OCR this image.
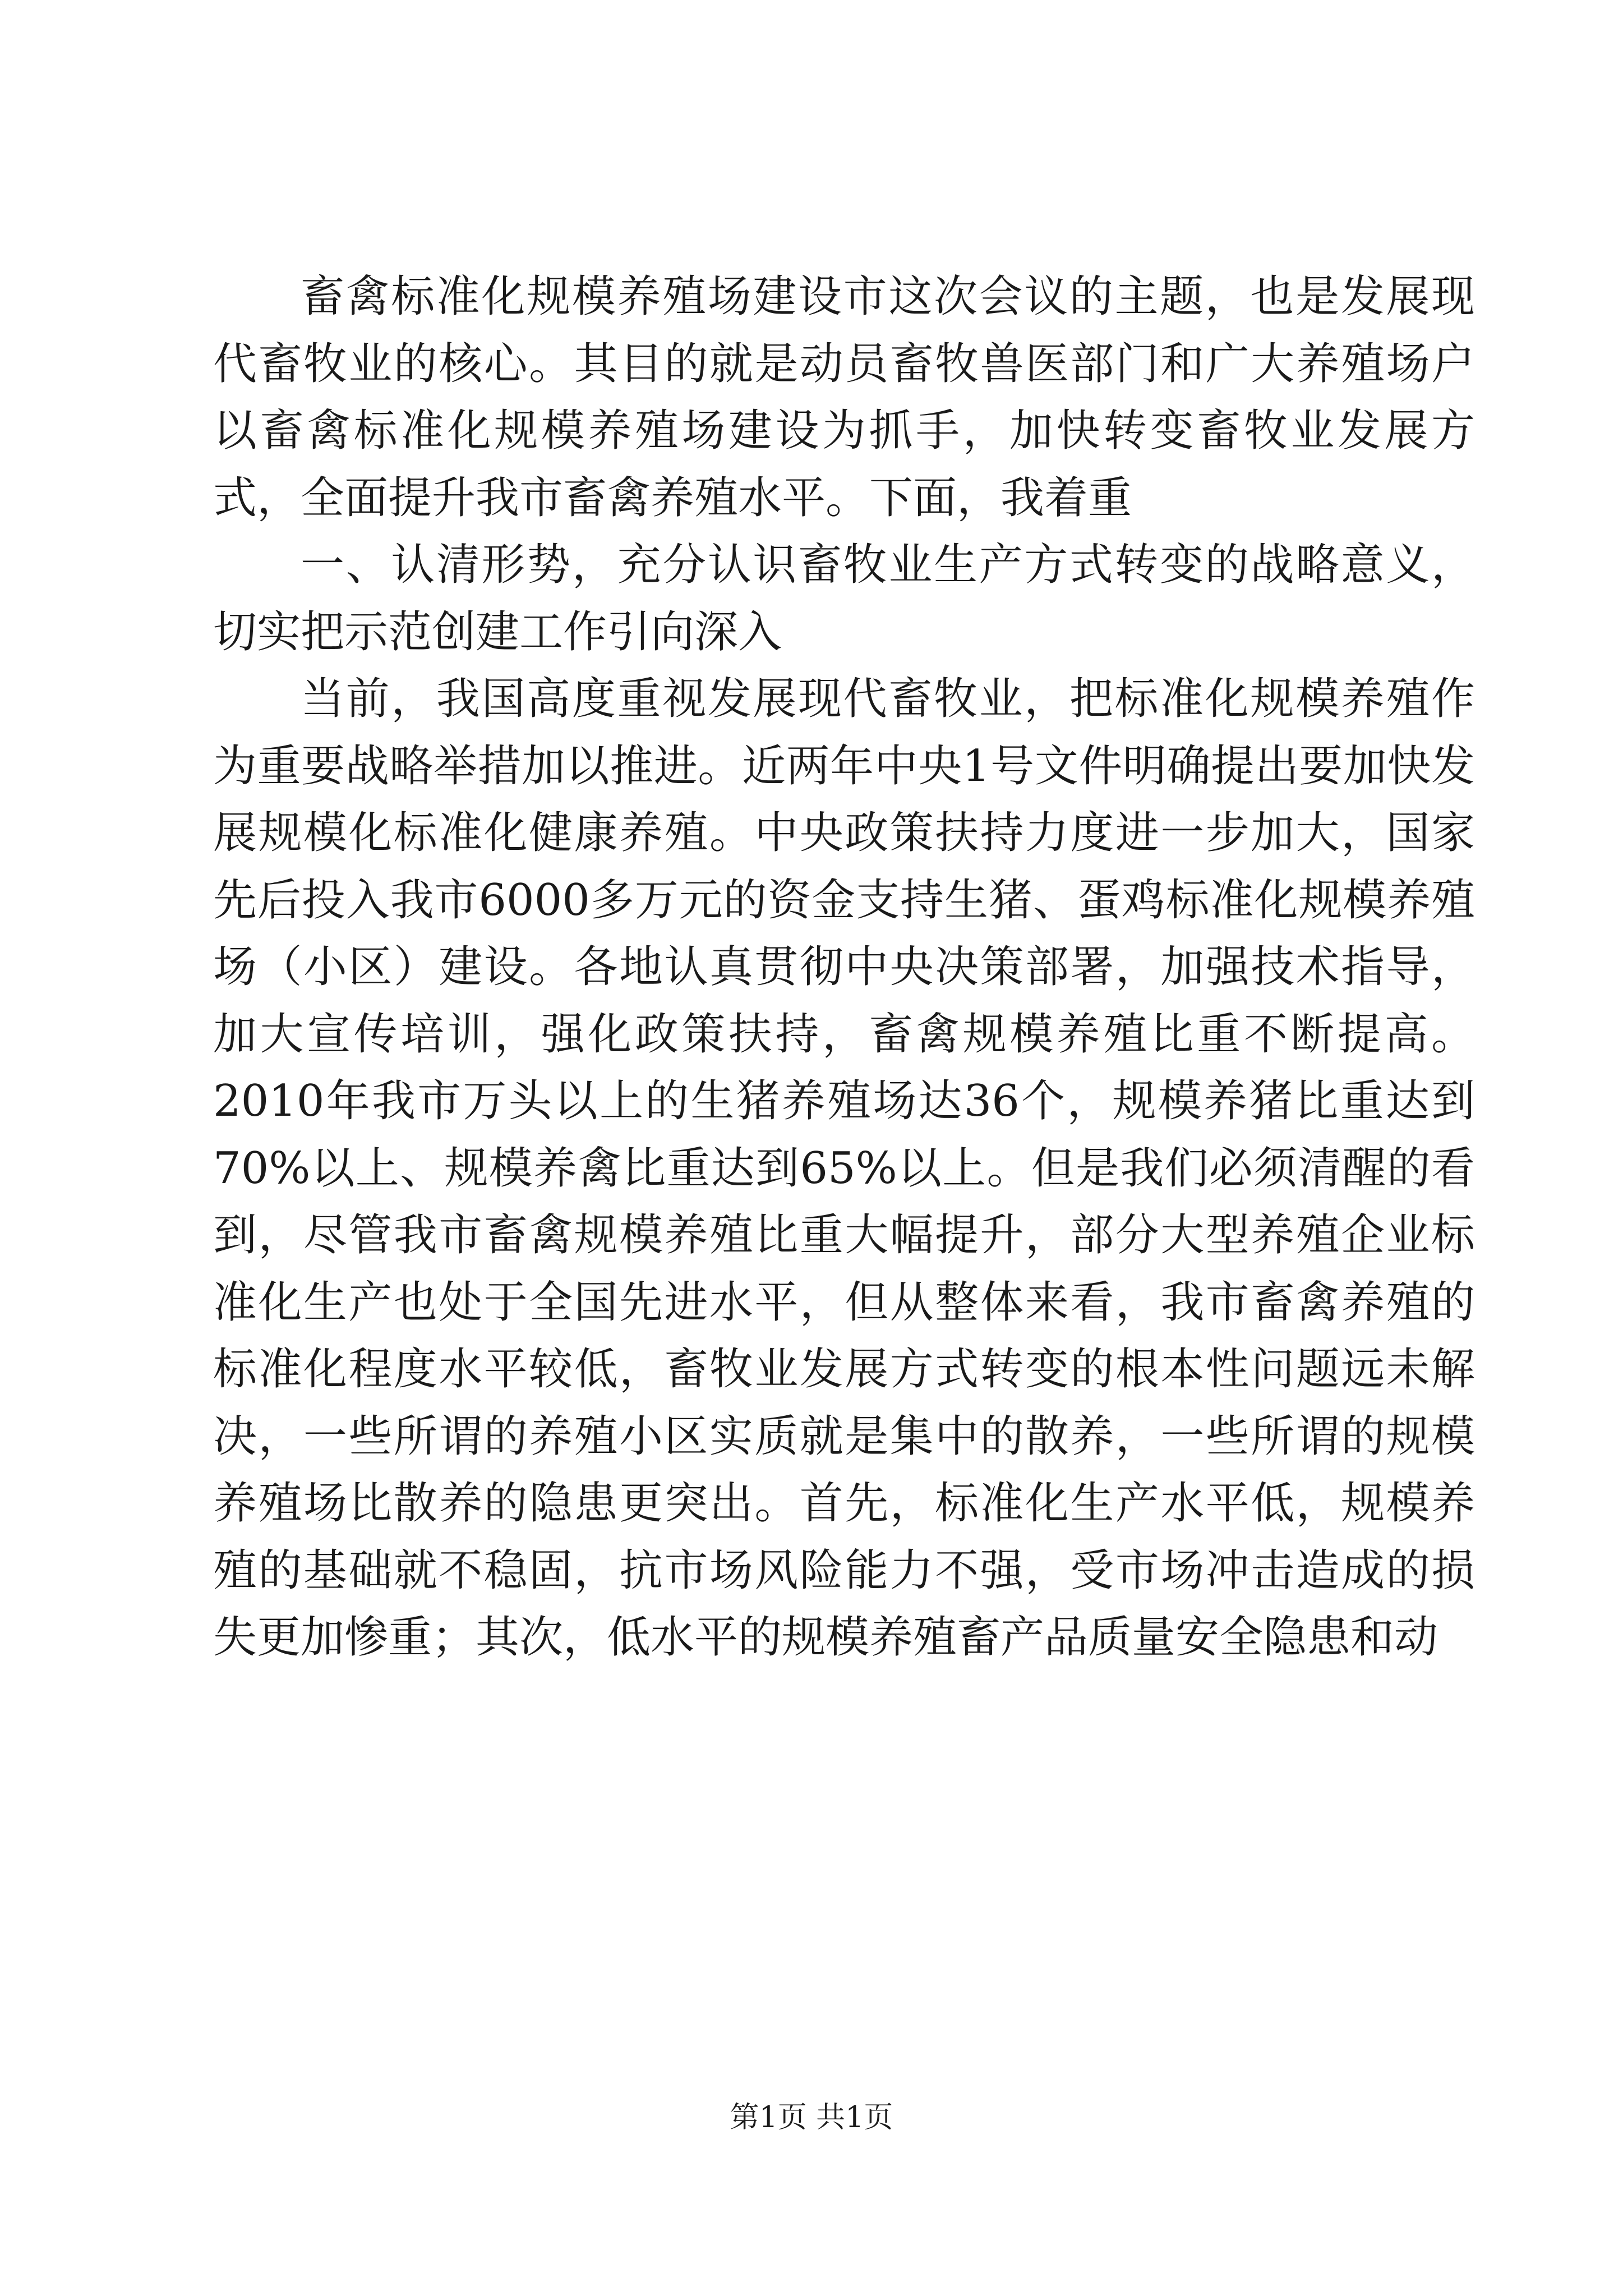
畜禽标准化规模养殖场建设市这次会议的主题，也是发展现代畜牧业的核心。其目的就是动员畜牧兽医部门和广大养殖场户以畜禽标准化规模养殖场建设为抓手，加快转变畜牧业发展方式，全面提升我市畜禽养殖水平。下面，我着重

一、认清形势，充分认识畜牧业生产方式转变的战略意义，切实把示范创建工作引向深入

当前，我国高度重视发展现代畜牧业，把标准化规模养殖作为重要战略举措加以推进。近两年中央1号文件明确提出要加快发展规模化标准化健康养殖。中央政策扶持力度进一步加大，国家先后投入我市6000多万元的资金支持生猪、蛋鸡标准化规模养殖场（小区）建设。各地认真贯彻中央决策部署，加强技术指导，加大宣传培训，强化政策扶持，畜禽规模养殖比重不断提高。2010年我市万头以上的生猪养殖场达36个，规模养猪比重达到70%以上、规模养禽比重达到65%以上。但是我们必须清醒的看到，尽管我市畜禽规模养殖比重大幅提升，部分大型养殖企业标准化生产也处于全国先进水平，但从整体来看，我市畜禽养殖的标准化程度水平较低，畜牧业发展方式转变的根本性问题远未解决，一些所谓的养殖小区实质就是集中的散养，一些所谓的规模养殖场比散养的隐患更突出。首先，标准化生产水平低，规模养殖的基础就不稳固，抗市场风险能力不强，受市场冲击造成的损失更加惨重；其次，低水平的规模养殖畜产品质量安全隐患和动

第1页 共1页
